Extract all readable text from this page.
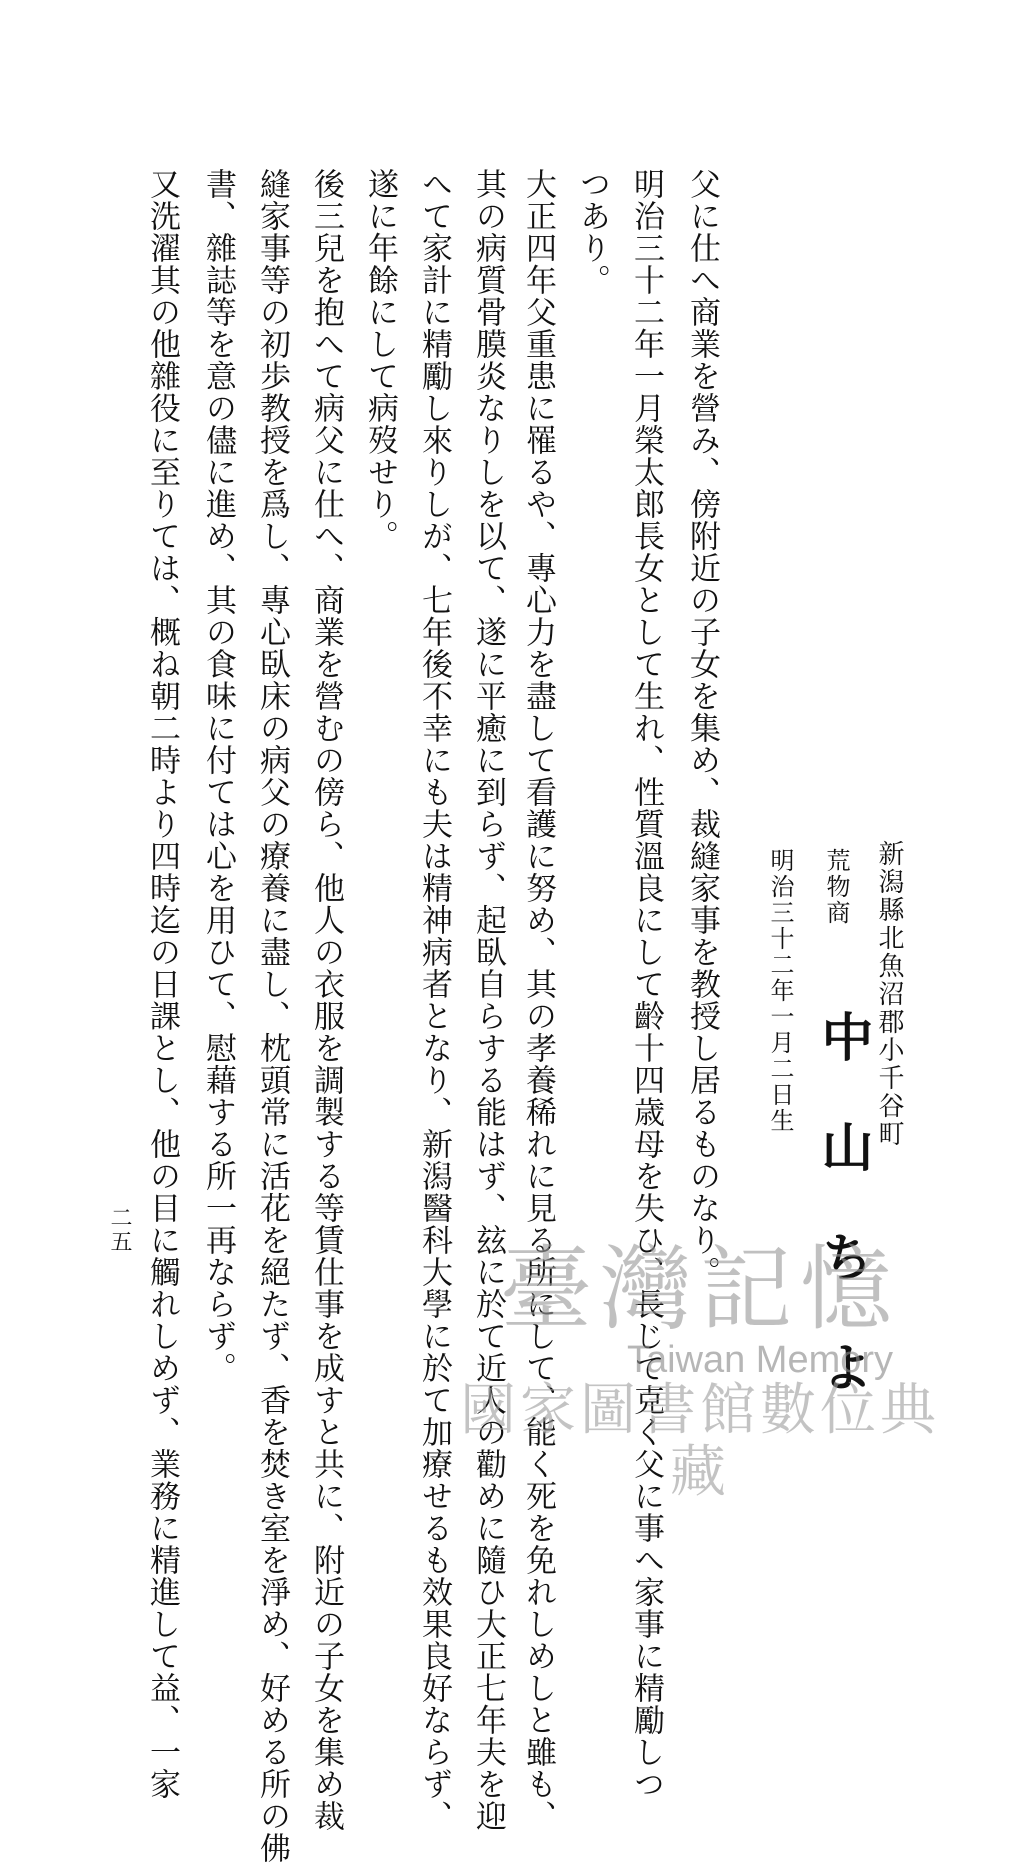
新潟縣北魚沼郡小千谷町
荒物商
中山ちよ
明治三十二年一月二日生
父に仕へ商業を營み、傍附近の子女を集め、裁縫家事を教授し居るものなり。
明治三十二年一月榮太郎長女として生れ、性質溫良にして齡十四歳母を失ひ、長じて克く父に事へ家事に精勵しつ
つあり。
大正四年父重患に罹るや、專心力を盡して看護に努め、其の孝養稀れに見る所にして、能く死を免れしめしと雖も、
其の病質骨膜炎なりしを以て、遂に平癒に到らず、起臥自らする能はず、玆に於て近人の勸めに隨ひ大正七年夫を迎
へて家計に精勵し來りしが、七年後不幸にも夫は精神病者となり、新潟醫科大學に於て加療せるも效果良好ならず、
遂に年餘にして病歿せり。
後三兒を抱へて病父に仕へ、商業を營むの傍ら、他人の衣服を調製する等賃仕事を成すと共に、附近の子女を集め裁
縫家事等の初歩教授を爲し、專心臥床の病父の療養に盡し、枕頭常に活花を絕たず、香を焚き室を淨め、好める所の佛
書、雜誌等を意の儘に進め、其の食味に付ては心を用ひて、慰藉する所一再ならず。
又洗濯其の他雜役に至りては、概ね朝二時より四時迄の日課とし、他の目に觸れしめず、業務に精進して益、一家
二五
臺灣記憶
Taiwan Memory
國家圖書館數位典藏
